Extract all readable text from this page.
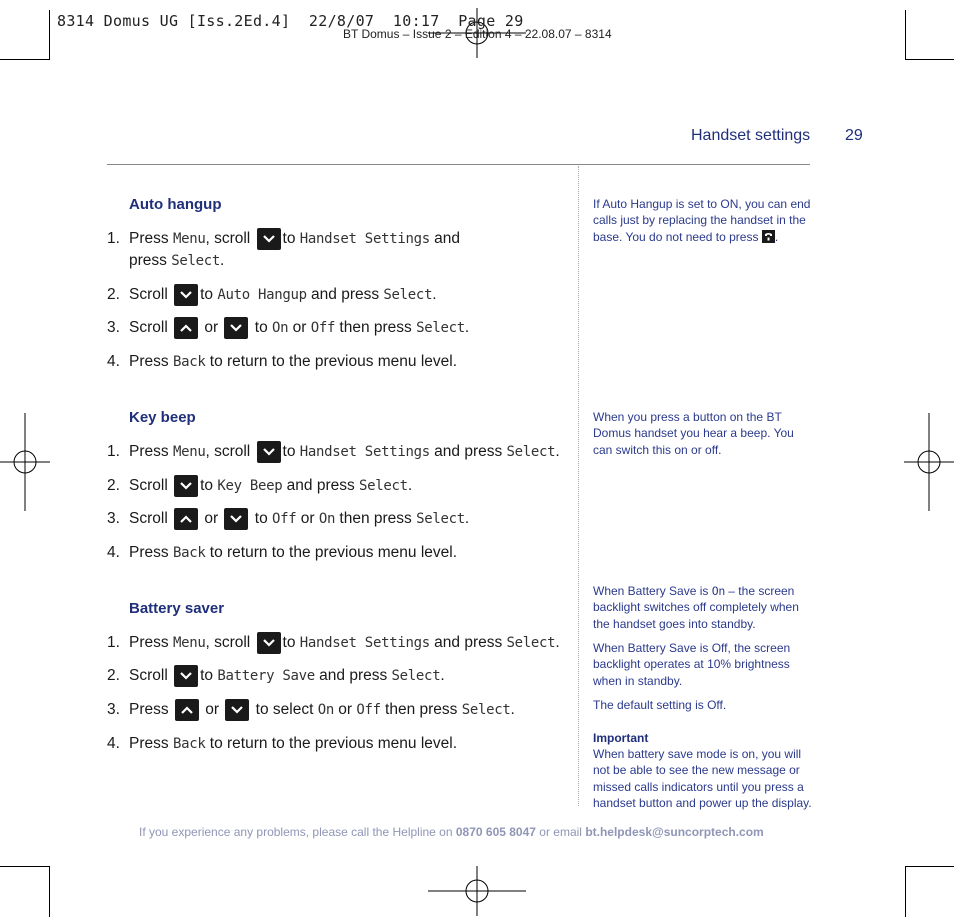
8314 Domus UG [Iss.2Ed.4]  22/8/07  10:17  Page 29
BT Domus – Issue 2 – Edition 4 – 22.08.07 – 8314
Handset settings 29
Auto hangup
1. Press Menu, scroll
to Handset Settings and
press Select.
2. Scroll
to Auto Hangup and press Select.
3. Scroll
or
to On or Off then press Select.
4. Press Back to return to the previous menu level.
Key beep
1. Press Menu, scroll
to Handset Settings and press Select.
2. Scroll
to Key Beep and press Select.
3. Scroll
or
to Off or On then press Select.
4. Press Back to return to the previous menu level.
Battery saver
1. Press Menu, scroll
to Handset Settings and press Select.
2. Scroll
to Battery Save and press Select.
3. Press
or
to select On or Off then press Select.
4. Press Back to return to the previous menu level.
If Auto Hangup is set to ON, you can end calls just by replacing the handset in the base. You do not need to press .
When you press a button on the BT Domus handset you hear a beep. You can switch this on or off.
When Battery Save is On – the screen backlight switches off completely when the handset goes into standby.
When Battery Save is Off, the screen backlight operates at 10% brightness when in standby.
The default setting is Off.
Important
When battery save mode is on, you will not be able to see the new message or missed calls indicators until you press a handset button and power up the display.
If you experience any problems, please call the Helpline on 0870 605 8047 or email bt.helpdesk@suncorptech.com
